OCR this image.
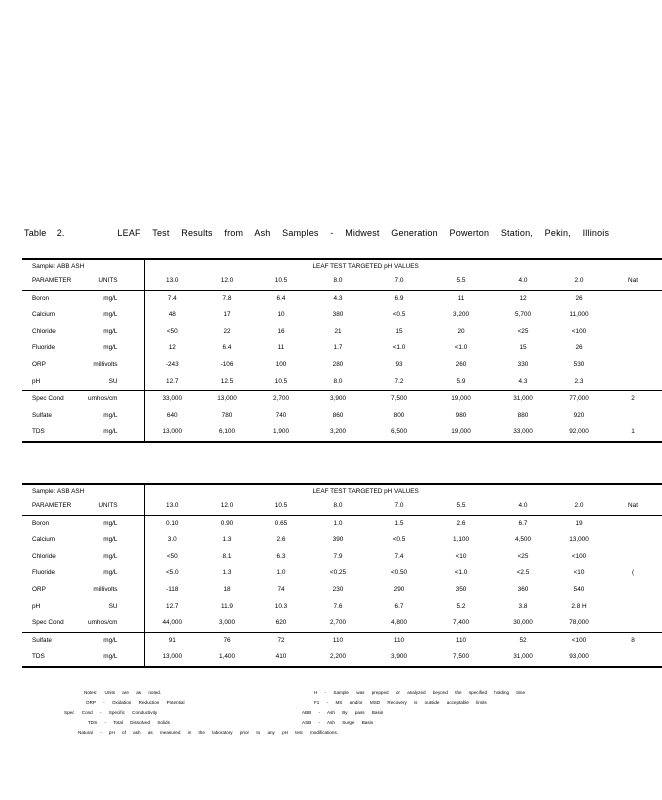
Table 2.	LEAF Test Results from Ash Samples - Midwest Generation Powerton Station, Pekin, Illinois
Sample: ABB ASH		LEAF TEST TARGETED pH VALUES								
PARAMETER	UNITS	13.0	12.0	10.5	8.0	7.0	5.5	4.0	2.0	Nat
Boron	mg/L	7.4	7.8	6.4	4.3	6.9	11	12	26	
Calcium	mg/L	48	17	10	380	<0.5	3,200	5,700	11,000	
Chloride	mg/L	<50	22	16	21	15	20	<25	<100	
Fluoride	mg/L	12	6.4	11	1.7	<1.0	<1.0	15	26	
ORP	millivolts	-243	-106	100	280	93	260	330	530	
pH	SU	12.7	12.5	10.5	8.0	7.2	5.9	4.3	2.3	
Spec Cond	umhos/cm	33,000	13,000	2,700	3,900	7,500	19,000	31,000	77,000	2
Sulfate	mg/L	640	780	740	860	800	980	880	920	
TDS	mg/L	13,000	6,100	1,900	3,200	6,500	19,000	33,000	92,000	1
Sample: ASB ASH		LEAF TEST TARGETED pH VALUES								
PARAMETER	UNITS	13.0	12.0	10.5	8.0	7.0	5.5	4.0	2.0	Nat
Boron	mg/L	0.10	0.90	0.65	1.0	1.5	2.6	6.7	19	
Calcium	mg/L	3.0	1.3	2.6	390	<0.5	1,100	4,500	13,000	
Chloride	mg/L	<50	8.1	6.3	7.9	7.4	<10	<25	<100	
Fluoride	mg/L	<5.0	1.3	1.0	<0.25	<0.50	<1.0	<2.5	<10	(
ORP	millivolts	-118	18	74	230	290	350	360	540	
pH	SU	12.7	11.9	10.3	7.6	6.7	5.2	3.8	2.8 H	
Spec Cond	umhos/cm	44,000	3,000	620	2,700	4,800	7,400	30,000	78,000	
Sulfate	mg/L	91	76	72	110	110	110	52	<100	8
TDS	mg/L	13,000	1,400	410	2,200	3,900	7,500	31,000	93,000	
Notes: Units are as noted.
ORP - Oxidation Reduction Potential
Spec Cond - Specific Conductivity
TDS - Total Dissolved Solids
Natural - pH of ash as measured in the laboratory prior to any pH test modifications.
H - Sample was prepped or analyzed beyond the specified holding time
F1 - MS and/or MSD Recovery is outside acceptable limits
ABB - Ash By pass Basin
ASB - Ash Surge Basin
